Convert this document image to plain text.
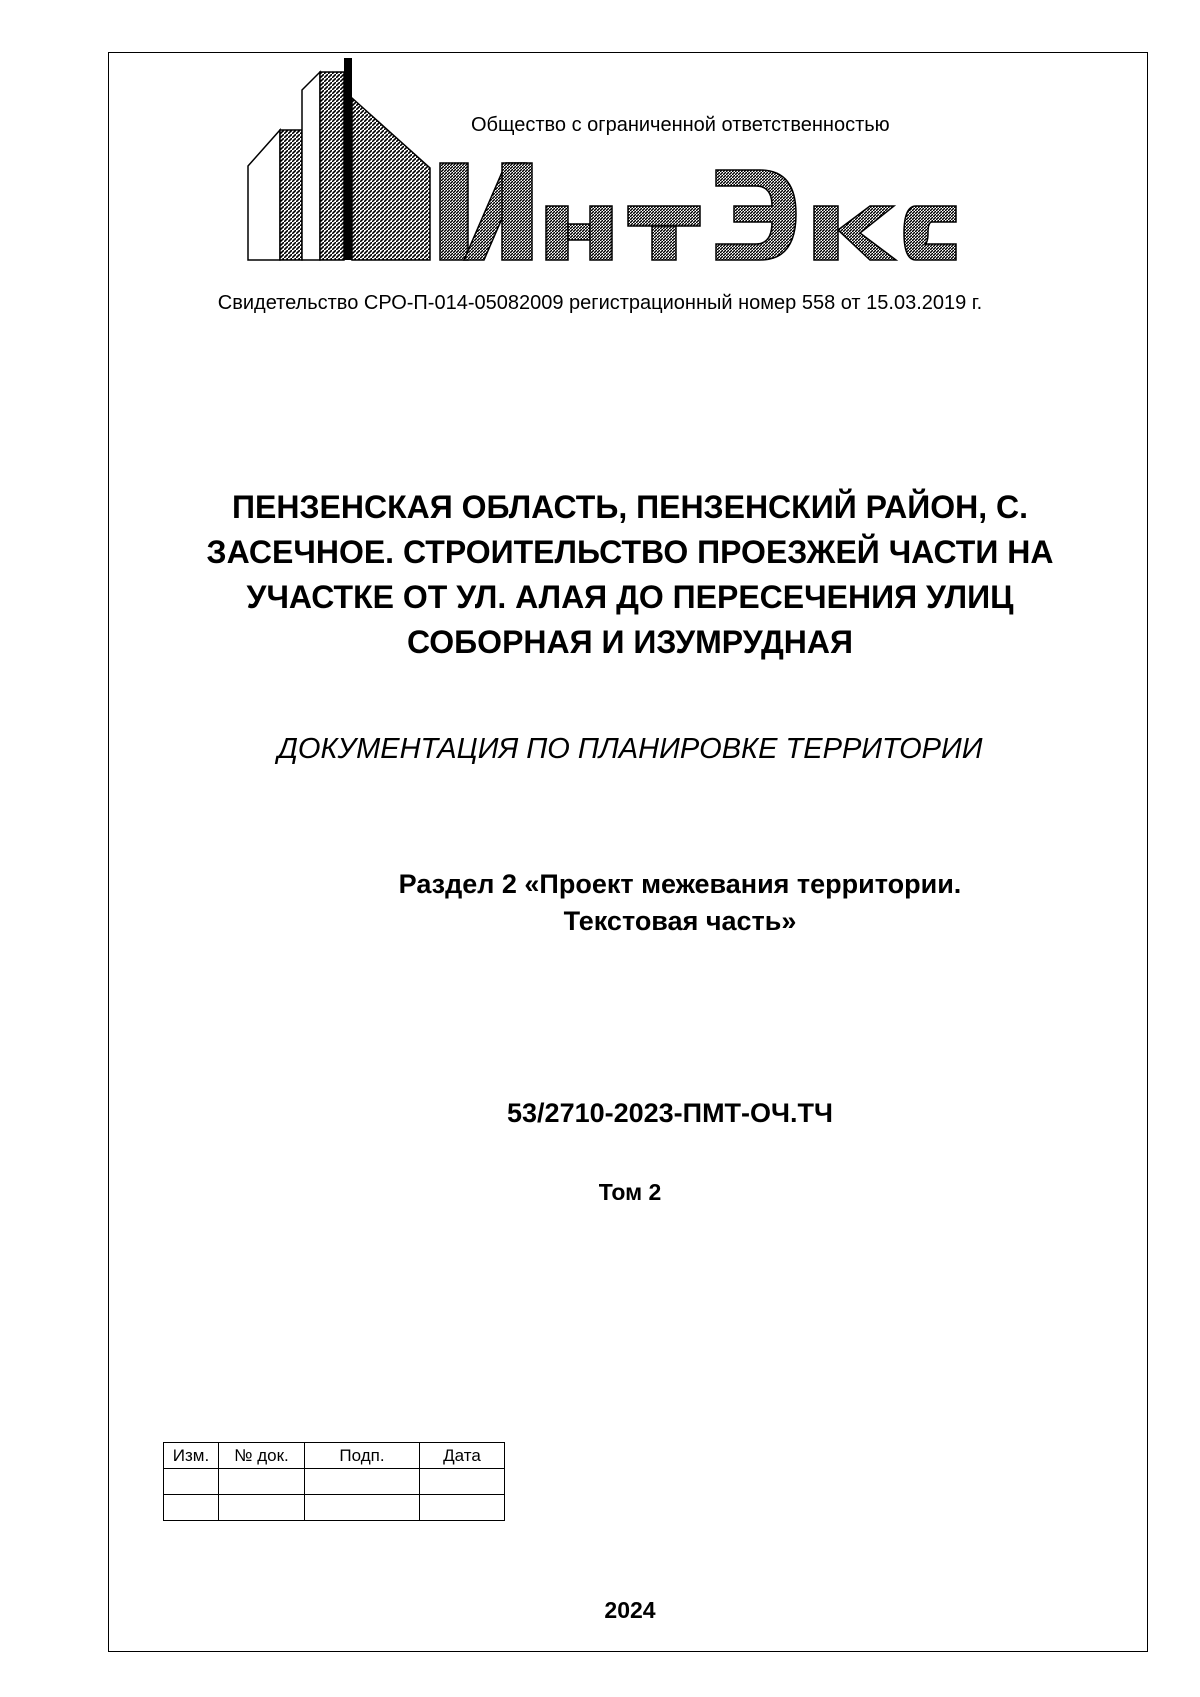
Общество с ограниченной ответственностью
Свидетельство СРО-П-014-05082009 регистрационный номер 558 от 15.03.2019 г.
ПЕНЗЕНСКАЯ ОБЛАСТЬ, ПЕНЗЕНСКИЙ РАЙОН, С.
ЗАСЕЧНОЕ. СТРОИТЕЛЬСТВО ПРОЕЗЖЕЙ ЧАСТИ НА
УЧАСТКЕ ОТ УЛ. АЛАЯ ДО ПЕРЕСЕЧЕНИЯ УЛИЦ
СОБОРНАЯ И ИЗУМРУДНАЯ
ДОКУМЕНТАЦИЯ ПО ПЛАНИРОВКЕ ТЕРРИТОРИИ
Раздел 2 «Проект межевания территории.
Текстовая часть»
53/2710-2023-ПМТ-ОЧ.ТЧ
Том 2
Изм.	№ док.	Подп.	Дата

2024
